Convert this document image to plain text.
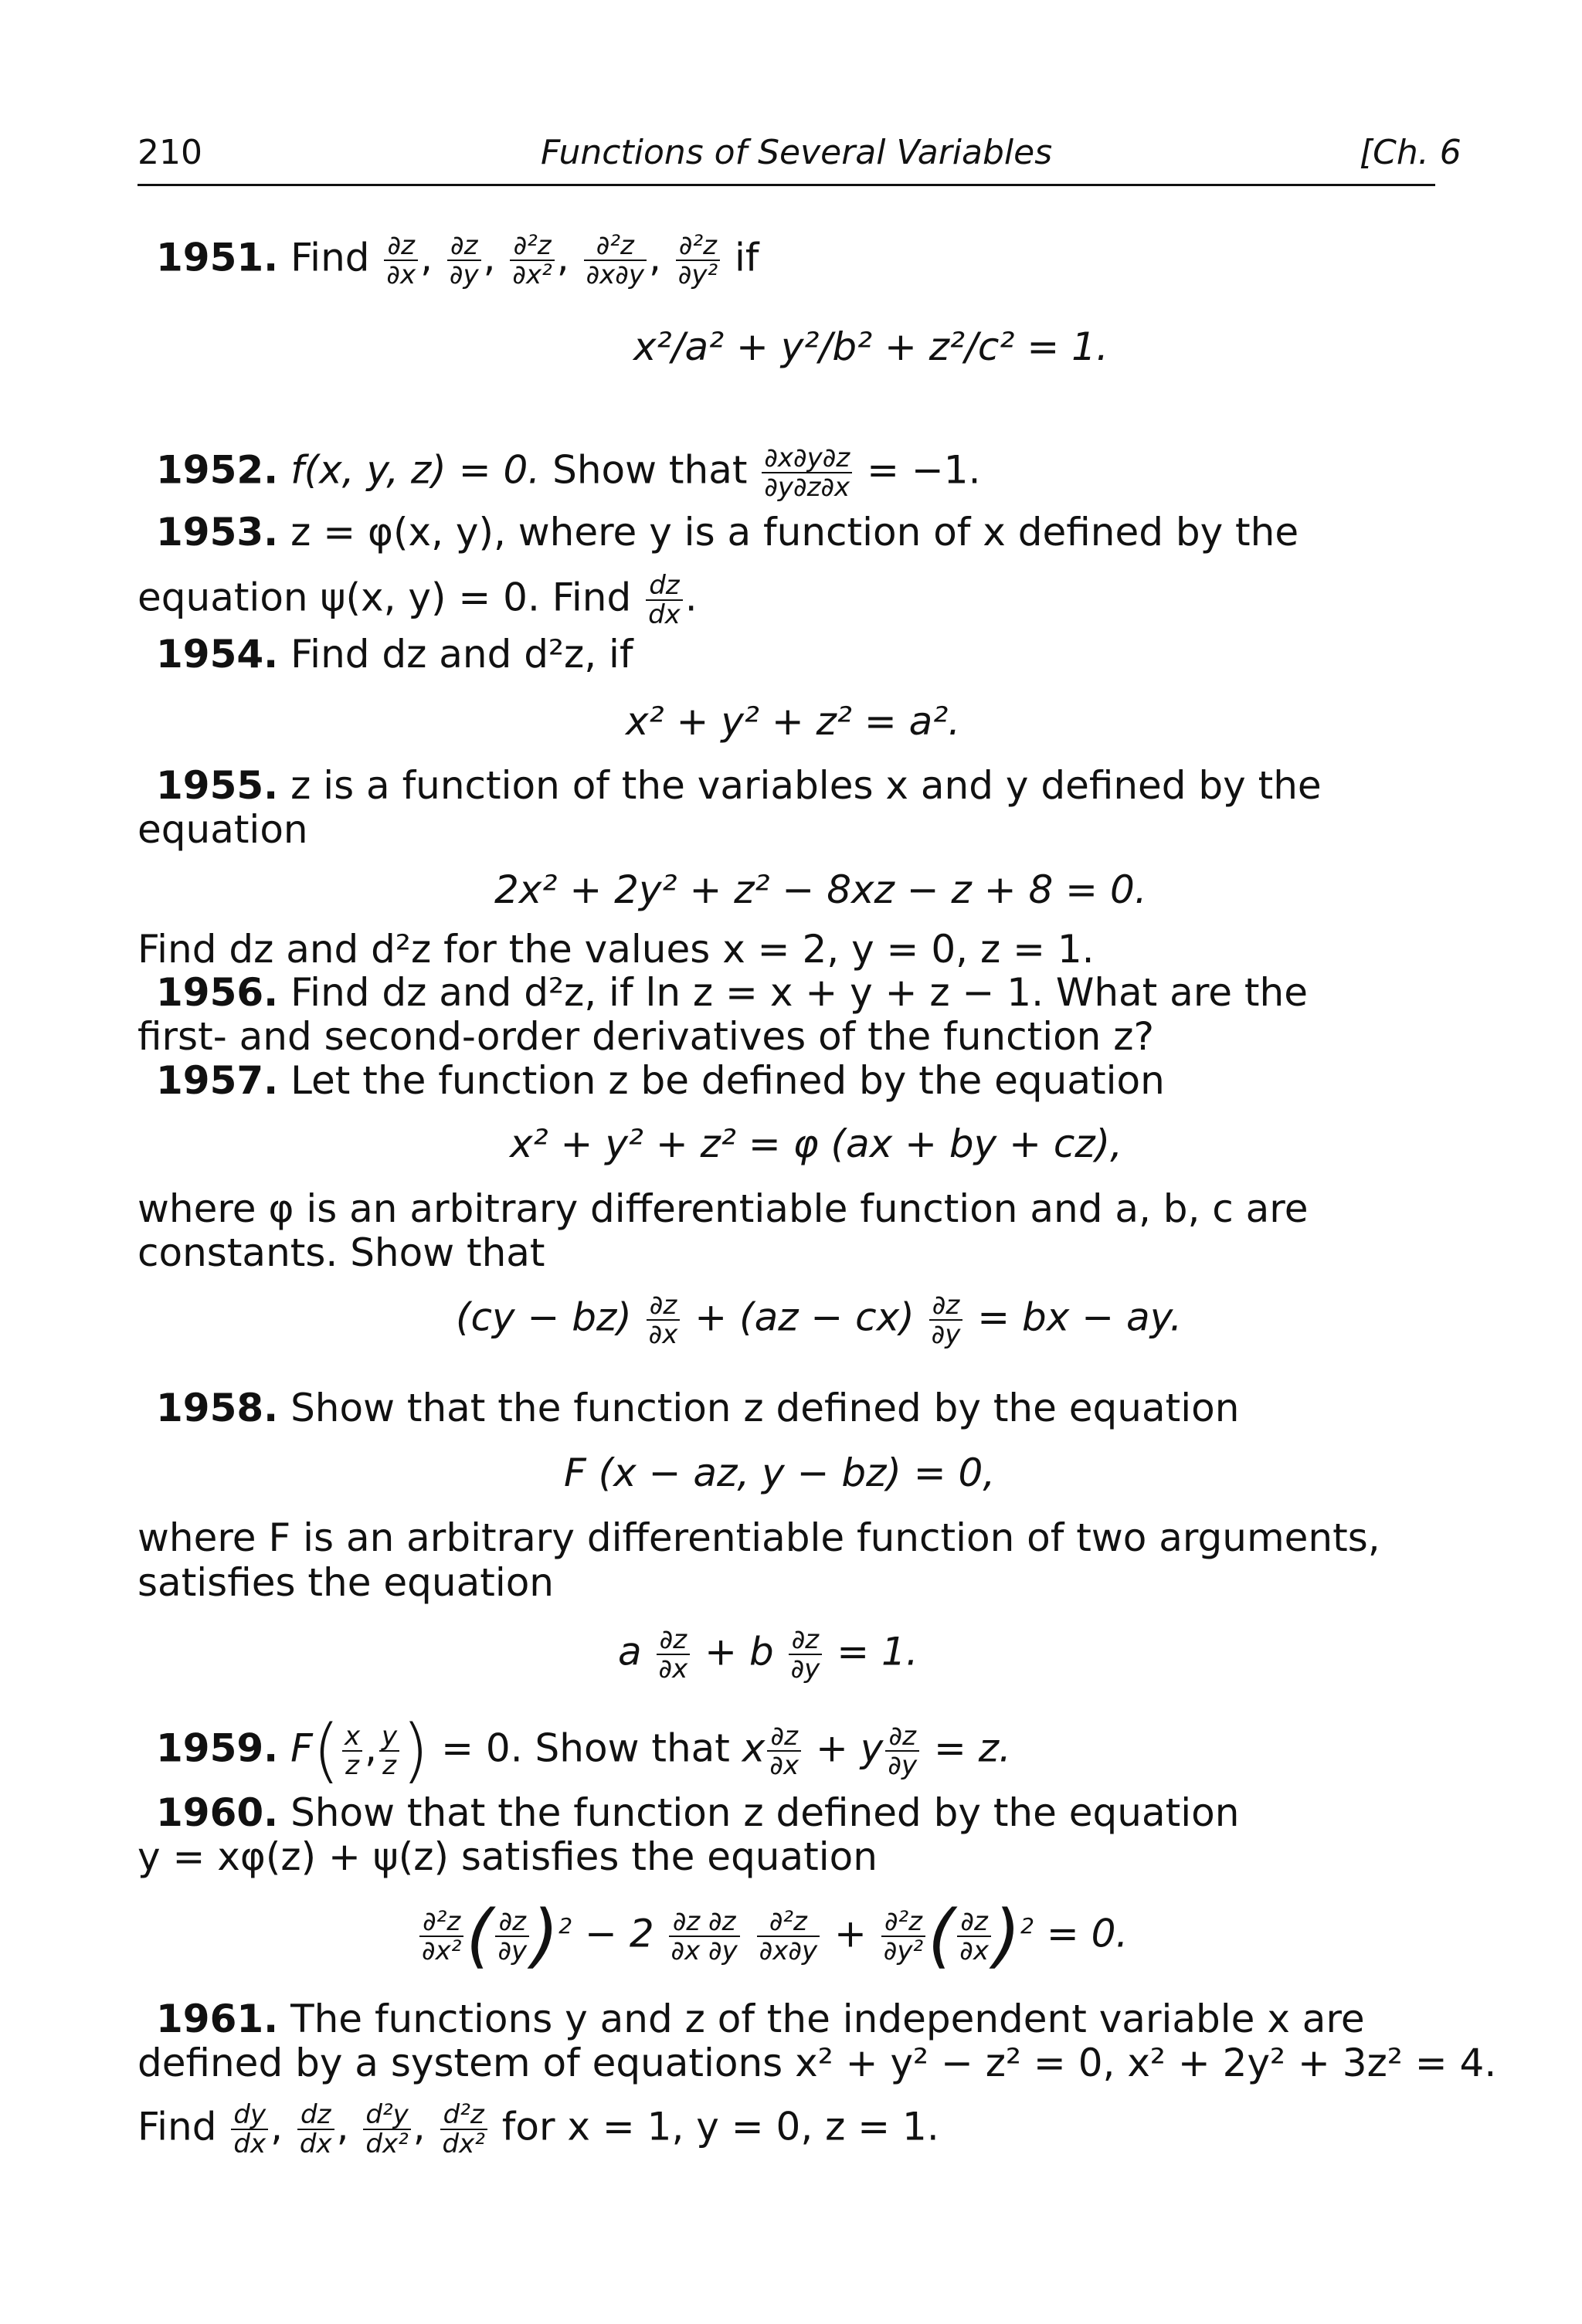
210	Functions of Several Variables	[Ch. 6
1951. Find $\frac{\partial z}{\partial x}$ , $\frac{\partial z}{\partial y}$ , $\frac{\text{∂²z}}{\text{∂x²}}$ , $\frac{\text{∂²z}}{\partial x\partial y}$ , $\frac{\text{∂²z}}{\text{∂y²}}$ if
x²/a² + y²/b² + z²/c² = 1.
1952. f(x, y, z) = 0. Show that $\frac{\partial x\partial y\partial z}{\partial y\partial z\partial x} = -1$.
1953. z = φ(x, y), where y is a function of x defined by the
equation ψ(x, y) = 0. Find $\frac{dz}{dx}$ .
1954. Find dz and d²z, if
x² + y² + z² = a².
1955. z is a function of the variables x and y defined by the
equation
2x² + 2y² + z² − 8xz − z + 8 = 0.
Find dz and d²z for the values x = 2, y = 0, z = 1.
1956. Find dz and d²z, if ln z = x + y + z − 1. What are the
first- and second-order derivatives of the function z?
1957. Let the function z be defined by the equation
x² + y² + z² = φ (ax + by + cz),
where φ is an arbitrary differentiable function and a, b, c are
constants. Show that
$(cy - bz) \frac{\partial z}{\partial x} + (az - cx) \frac{\partial z}{\partial y}$ = bx − ay.
1958. Show that the function z defined by the equation
F (x − az, y − bz) = 0,
where F is an arbitrary differentiable function of two arguments,
satisfies the equation
a $\frac{\partial z}{\partial x} + b \frac{\partial z}{\partial y} = 1$.
1959. $F( \frac{x}{z}$ , $\frac{y}{z}$ ) = 0. Show that x $\frac{\partial z}{\partial x} + y \frac{\partial z}{\partial y} = z$.
1960. Show that the function z defined by the equation
y = xφ(z) + ψ(z) satisfies the equation
$\frac{\text{∂²z}}{\text{∂x²}}$ ( $\frac{\partial z}{\partial y} )^2 - 2 \frac{\partial z \partial z}{\partial x \partial y}$
$\frac{\text{∂²z}}{\partial x\partial y} + \frac{\text{∂²z}}{\text{∂y²}}$ ( $\frac{\partial z}{\partial x} )^2 = 0$.
1961. The functions y and z of the independent variable x are
defined by a system of equations x² + y² − z² = 0, x² + 2y² + 3z² = 4.
Find $\frac{dy}{dx}$ , $\frac{dz}{dx}$ , $\frac{\text{d²y}}{\text{dx²}}$ , $\frac{\text{d²z}}{\text{dx²}}$ for x = 1, y = 0, z = 1.
